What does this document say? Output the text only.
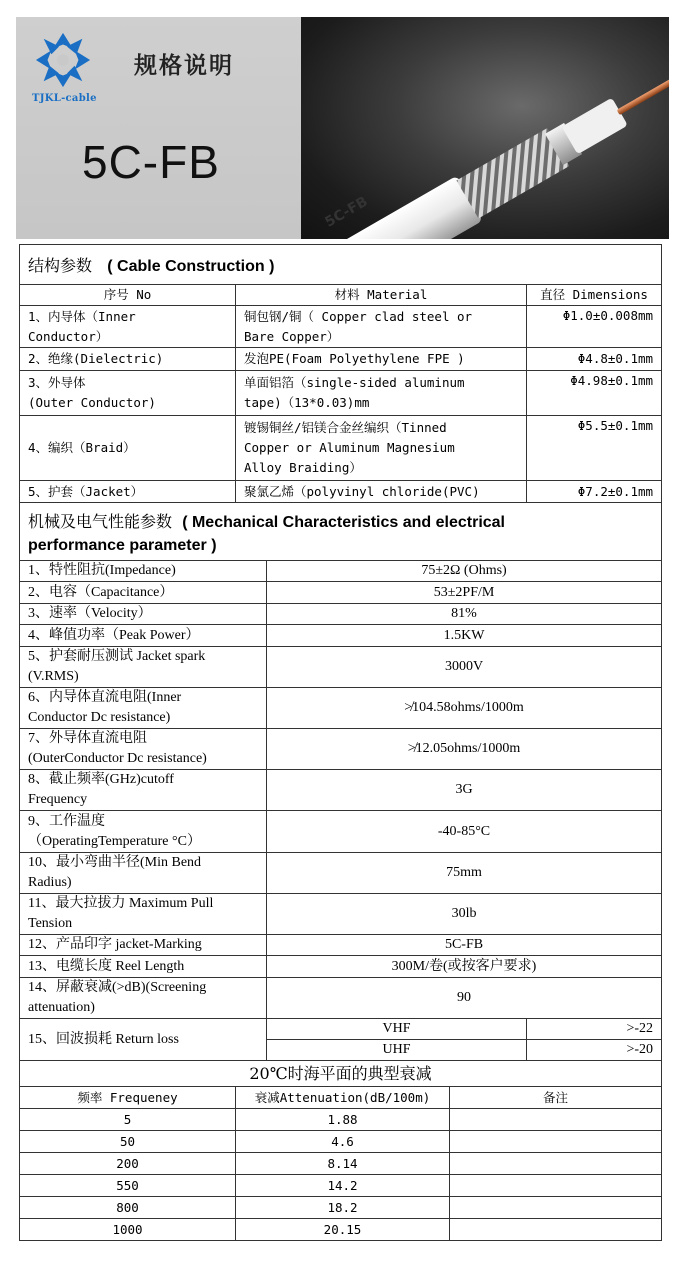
TJKL-cable
规格说明
5C-FB
5C-FB
结构参数 ( Cable Construction )				
序号 No	材料 Material			直径 Dimensions
1、内导体（Inner
Conductor）	铜包钢/铜（ Copper clad steel or
Bare Copper）			Φ1.0±0.008mm
2、绝缘(Dielectric)	发泡PE(Foam Polyethylene FPE )			Φ4.8±0.1mm
3、外导体
(Outer Conductor)	单面铝箔（single-sided aluminum
tape)（13*0.03)mm			Φ4.98±0.1mm
4、编织（Braid）	镀锡铜丝/铝镁合金丝编织（Tinned
Copper or Aluminum Magnesium
Alloy Braiding）			Φ5.5±0.1mm
5、护套（Jacket）	聚氯乙烯（polyvinyl chloride(PVC)			Φ7.2±0.1mm
机械及电气性能参数 ( Mechanical Characteristics and electrical
performance parameter )				
1、特性阻抗(Impedance)		75±2Ω (Ohms)		
2、电容（Capacitance）		53±2PF/M		
3、速率（Velocity）		81%		
4、峰值功率（Peak Power）		1.5KW		
5、护套耐压测试 Jacket spark
(V.RMS)		3000V		
6、内导体直流电阻(Inner
Conductor Dc resistance)		≯104.58ohms/1000m		
7、外导体直流电阻
(OuterConductor Dc resistance)		≯12.05ohms/1000m		
8、截止频率(GHz)cutoff
Frequency		3G		
9、工作温度
（OperatingTemperature °C）		-40-85°C		
10、最小弯曲半径(Min Bend
Radius)		75mm		
11、最大拉拔力 Maximum Pull
Tension		30lb		
12、产品印字 jacket-Marking		5C-FB		
13、电缆长度 Reel Length		300M/卷(或按客户要求)		
14、屏蔽衰减(>dB)(Screening
attenuation)		90		
15、回波损耗 Return loss		VHF		>-22
		UHF		>-20
20℃时海平面的典型衰减				
频率 Frequeney	衰减Attenuation(dB/100m)		备注	
5	1.88			
50	4.6			
200	8.14			
550	14.2			
800	18.2			
1000	20.15			
